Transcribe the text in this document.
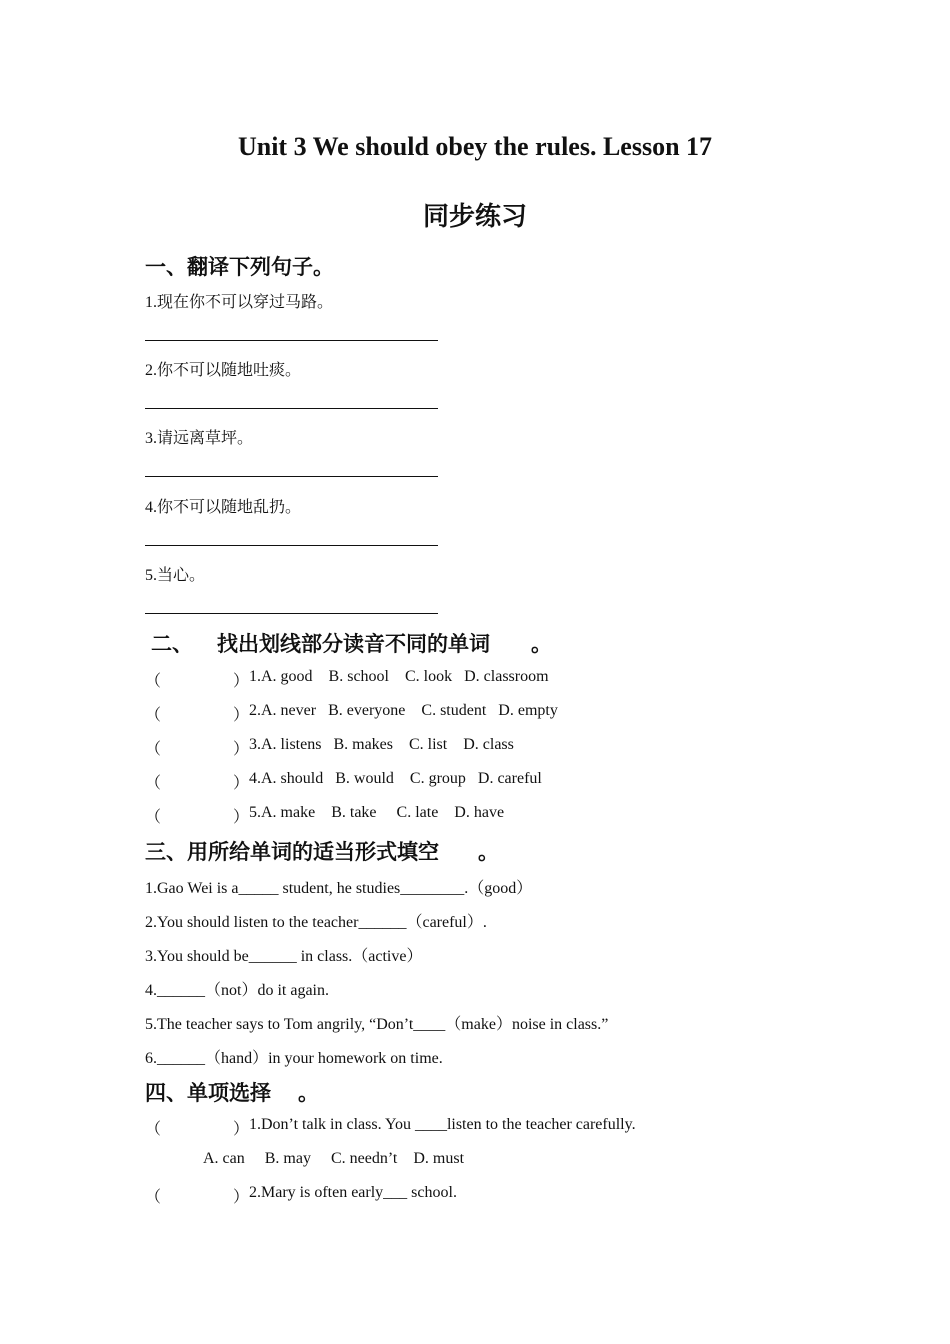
Unit 3 We should obey the rules. Lesson 17
同步练习
一、翻译下列句子。
1.现在你不可以穿过马路。
2.你不可以随地吐痰。
3.请远离草坪。
4.你不可以随地乱扔。
5.当心。
二、 找出划线部分读音不同的单词 。
（	） 1.A. good    B. school    C. look   D. classroom
（	） 2.A. never   B. everyone    C. student   D. empty
（	） 3.A. listens   B. makes    C. list    D. class
（	） 4.A. should   B. would    C. group   D. careful
（	） 5.A. make    B. take     C. late    D. have
三、用所给单词的适当形式填空 。
1.Gao Wei is a_____ student, he studies________.（good）
2.You should listen to the teacher______（careful）.
3.You should be______ in class.（active）
4.______（not）do it again.
5.The teacher says to Tom angrily, “Don’t____（make）noise in class.”
6.______（hand）in your homework on time.
四、单项选择 。
（	） 1.Don’t talk in class. You ____listen to the teacher carefully.
A. can     B. may     C. needn’t    D. must
（	） 2.Mary is often early___ school.
